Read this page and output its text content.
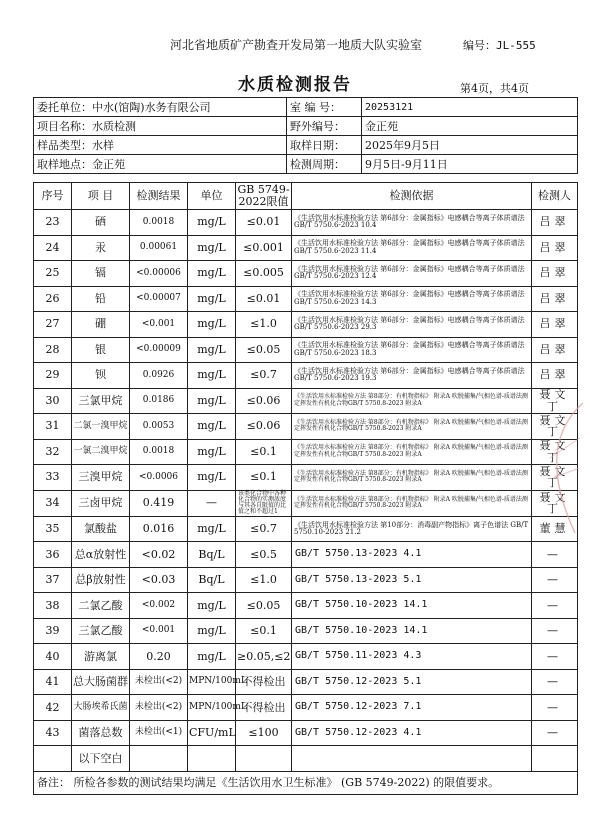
河北省地质矿产勘查开发局第一地质大队实验室	编号：JL-555
水质检测报告	第4页，共4页
委托单位：中水(馆陶)水务有限公司	室 编 号：	20253121
项目名称：水质检测	野外编号：	金正苑
样品类型：水样	取样日期：	2025年9月5日
取样地点：金正苑	检测周期：	9月5日-9月11日
序号	项 目	检测结果	单位	GB 5749-
2022限值	检测依据	检测人
23	硒	0.0018	mg/L	≤0.01	《生活饮用水标准检验方法 第6部分：金属指标》电感耦合等离子体质谱法 GB/T 5750.6-2023 10.4	吕翠
24	汞	0.00061	mg/L	≤0.001	《生活饮用水标准检验方法 第6部分：金属指标》电感耦合等离子体质谱法 GB/T 5750.6-2023 11.4	吕翠
25	镉	<0.00006	mg/L	≤0.005	《生活饮用水标准检验方法 第6部分：金属指标》电感耦合等离子体质谱法 GB/T 5750.6-2023 12.4	吕翠
26	铅	<0.00007	mg/L	≤0.01	《生活饮用水标准检验方法 第6部分：金属指标》电感耦合等离子体质谱法 GB/T 5750.6-2023 14.3	吕翠
27	硼	<0.001	mg/L	≤1.0	《生活饮用水标准检验方法 第6部分：金属指标》电感耦合等离子体质谱法 GB/T 5750.6-2023 29.3	吕翠
28	银	<0.00009	mg/L	≤0.05	《生活饮用水标准检验方法 第6部分：金属指标》电感耦合等离子体质谱法 GB/T 5750.6-2023 18.3	吕翠
29	钡	0.0926	mg/L	≤0.7	《生活饮用水标准检验方法 第6部分：金属指标》电感耦合等离子体质谱法 GB/T 5750.6-2023 19.3	吕翠
30	三氯甲烷	0.0186	mg/L	≤0.06	《生活饮用水标准检验方法 第8部分：有机物指标》 附录A 吹脱捕集/气相色谱-质谱法测定挥发性有机化合物GB/T 5750.8-2023 附录A	聂文丁
31	二氯一溴甲烷	0.0053	mg/L	≤0.06	《生活饮用水标准检验方法 第8部分：有机物指标》 附录A 吹脱捕集/气相色谱-质谱法测定挥发性有机化合物GB/T 5750.8-2023 附录A	聂文丁
32	一氯二溴甲烷	0.0018	mg/L	≤0.1	《生活饮用水标准检验方法 第8部分：有机物指标》 附录A 吹脱捕集/气相色谱-质谱法测定挥发性有机化合物GB/T 5750.8-2023 附录A	聂文丁
33	三溴甲烷	<0.0006	mg/L	≤0.1	《生活饮用水标准检验方法 第8部分：有机物指标》 附录A 吹脱捕集/气相色谱-质谱法测定挥发性有机化合物GB/T 5750.8-2023 附录A	聂文丁
34	三卤甲烷	0.419	—	该类化合物中各种化合物的实测浓度与其各自限值的比值之和不超过1	《生活饮用水标准检验方法 第8部分：有机物指标》 附录A 吹脱捕集/气相色谱-质谱法测定挥发性有机化合物GB/T 5750.8-2023 附录A	聂文丁
35	氯酸盐	0.016	mg/L	≤0.7	《生活饮用水标准检验方法 第10部分：消毒副产物指标》离子色谱法 GB/T 5750.10-2023 21.2	董慧
36	总α放射性	<0.02	Bq/L	≤0.5	GB/T 5750.13-2023 4.1	—
37	总β放射性	<0.03	Bq/L	≤1.0	GB/T 5750.13-2023 5.1	—
38	二氯乙酸	<0.002	mg/L	≤0.05	GB/T 5750.10-2023 14.1	—
39	三氯乙酸	<0.001	mg/L	≤0.1	GB/T 5750.10-2023 14.1	—
40	游离氯	0.20	mg/L	≥0.05,≤2	GB/T 5750.11-2023 4.3	—
41	总大肠菌群	未检出(<2)	MPN/100mL	不得检出	GB/T 5750.12-2023 5.1	—
42	大肠埃希氏菌	未检出(<2)	MPN/100mL	不得检出	GB/T 5750.12-2023 7.1	—
43	菌落总数	未检出(<1)	CFU/mL	≤100	GB/T 5750.12-2023 4.1	—
	以下空白					
备注： 所检各参数的测试结果均满足《生活饮用水卫生标准》 (GB 5749-2022) 的限值要求。						
